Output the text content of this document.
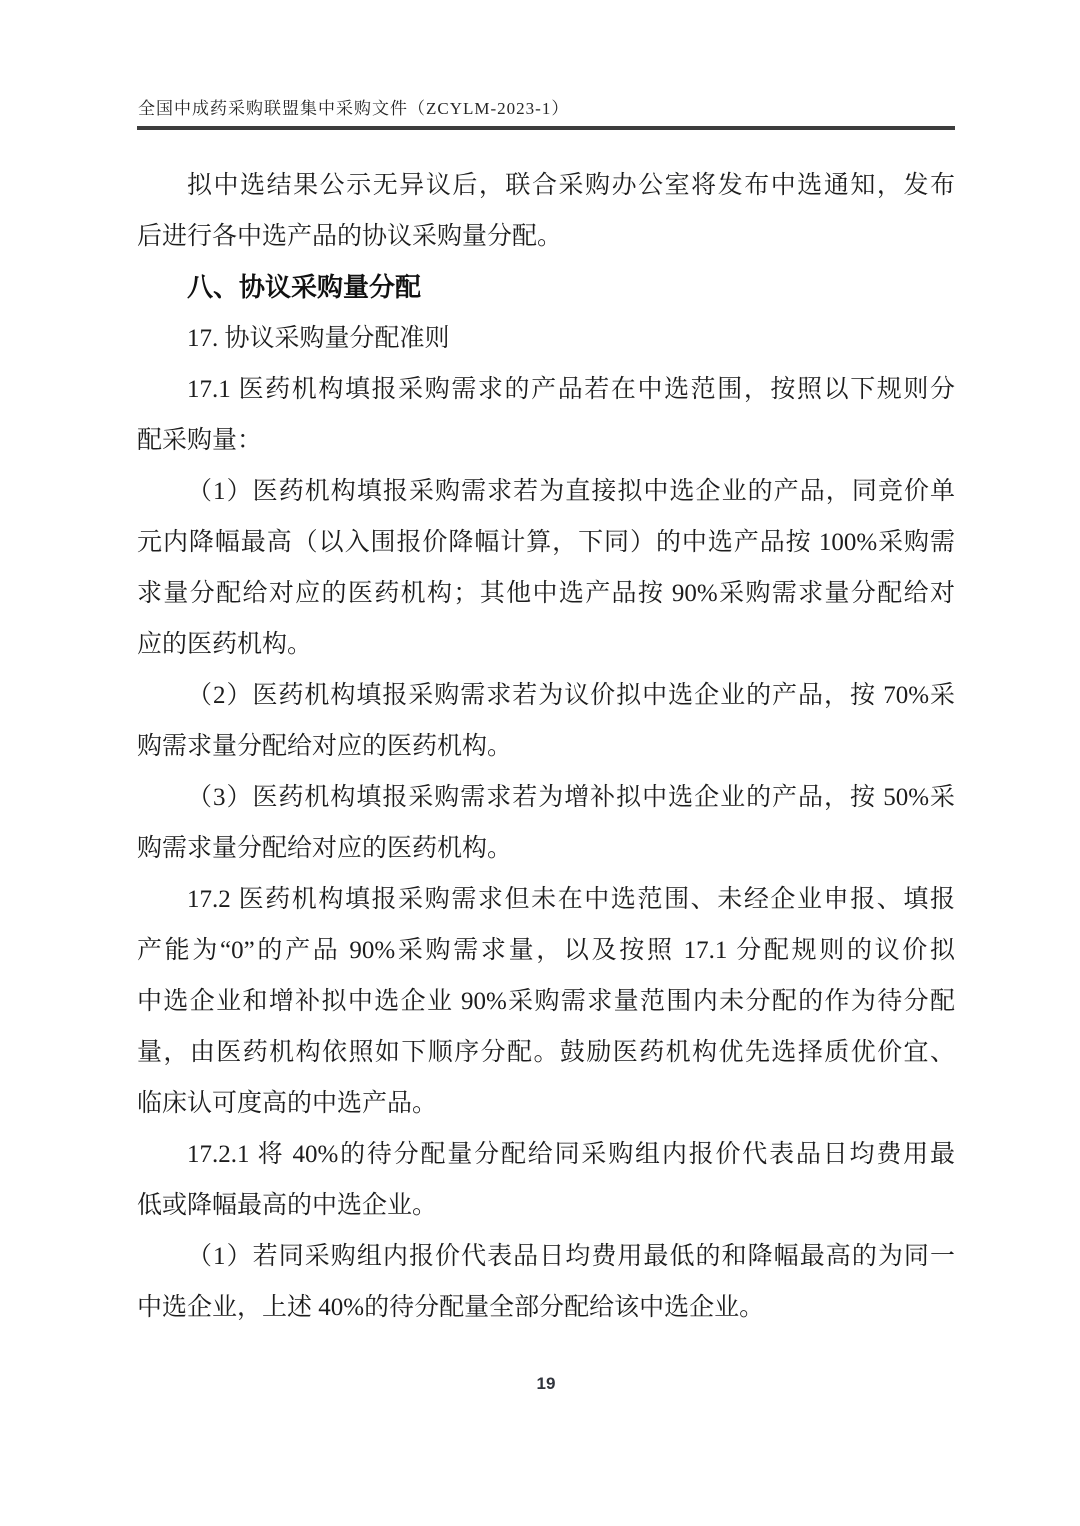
全国中成药采购联盟集中采购文件（ZCYLM-2023-1）
拟中选结果公示无异议后，联合采购办公室将发布中选通知，发布
后进行各中选产品的协议采购量分配。
八、协议采购量分配
17. 协议采购量分配准则
17.1 医药机构填报采购需求的产品若在中选范围，按照以下规则分
配采购量：
（1）医药机构填报采购需求若为直接拟中选企业的产品，同竞价单
元内降幅最高（以入围报价降幅计算，下同）的中选产品按 100%采购需
求量分配给对应的医药机构；其他中选产品按 90%采购需求量分配给对
应的医药机构。
（2）医药机构填报采购需求若为议价拟中选企业的产品，按 70%采
购需求量分配给对应的医药机构。
（3）医药机构填报采购需求若为增补拟中选企业的产品，按 50%采
购需求量分配给对应的医药机构。
17.2 医药机构填报采购需求但未在中选范围、未经企业申报、填报
产能为“0”的产品 90%采购需求量，以及按照 17.1 分配规则的议价拟
中选企业和增补拟中选企业 90%采购需求量范围内未分配的作为待分配
量，由医药机构依照如下顺序分配。鼓励医药机构优先选择质优价宜、
临床认可度高的中选产品。
17.2.1 将 40%的待分配量分配给同采购组内报价代表品日均费用最
低或降幅最高的中选企业。
（1）若同采购组内报价代表品日均费用最低的和降幅最高的为同一
中选企业，上述 40%的待分配量全部分配给该中选企业。
19
